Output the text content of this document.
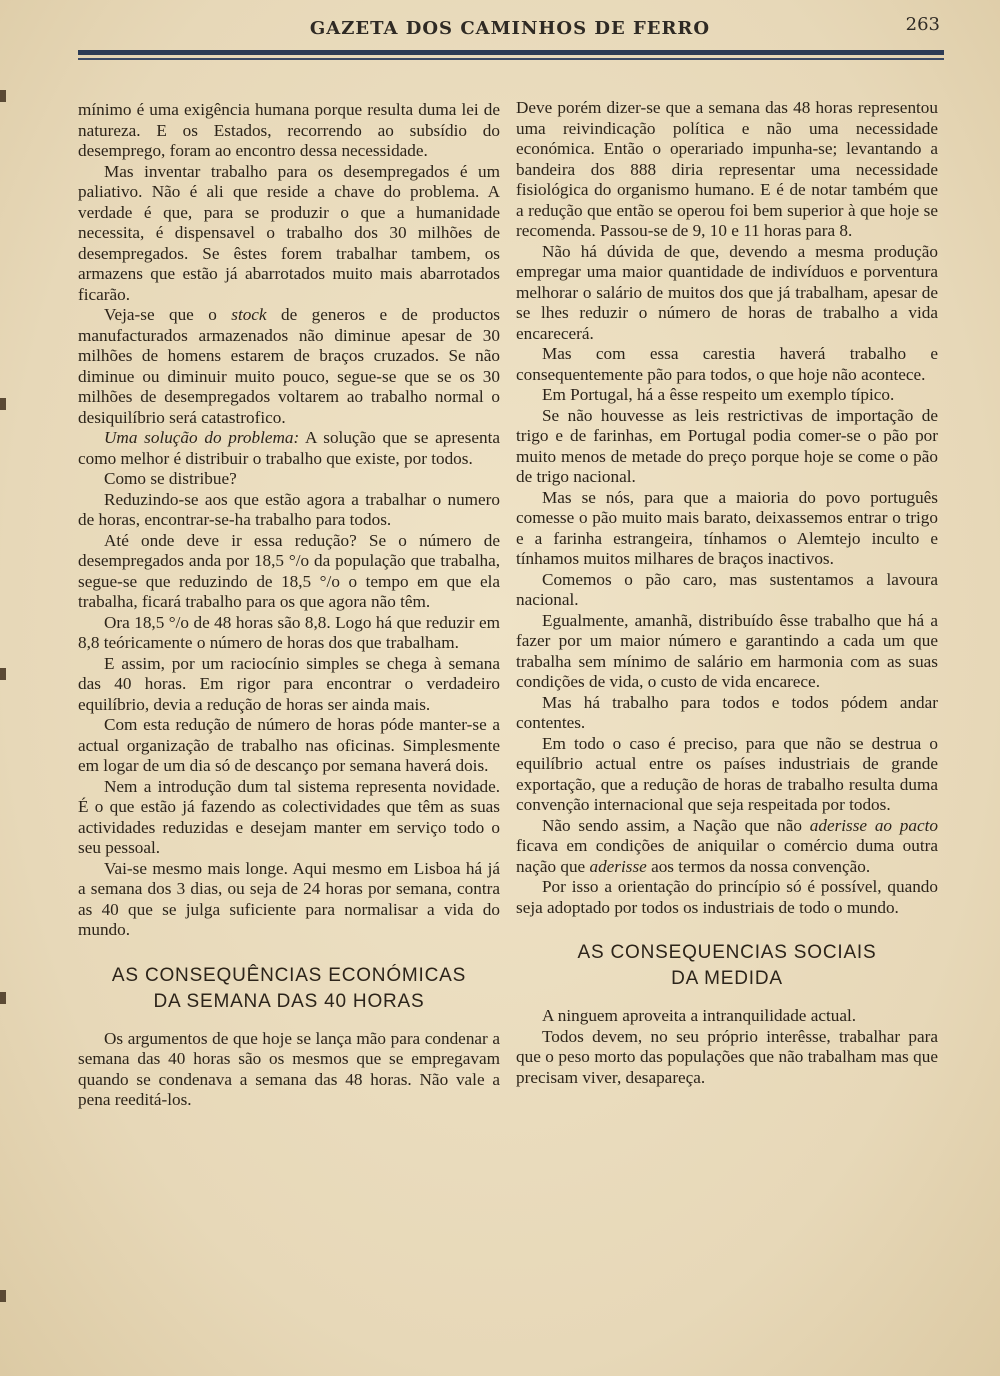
GAZETA DOS CAMINHOS DE FERRO	263

mínimo é uma exigência humana porque resulta duma lei de natureza. E os Estados, recorrendo ao subsídio do desemprego, foram ao encontro dessa necessidade.

Mas inventar trabalho para os desempregados é um paliativo. Não é ali que reside a chave do problema. A verdade é que, para se produzir o que a humanidade necessita, é dispensavel o trabalho dos 30 milhões de desempregados. Se êstes forem trabalhar tambem, os armazens que estão já abarrotados muito mais abarrotados ficarão.

Veja-se que o stock de generos e de productos manufacturados armazenados não diminue apesar de 30 milhões de homens estarem de braços cruzados. Se não diminue ou diminuir muito pouco, segue-se que se os 30 milhões de desempregados voltarem ao trabalho normal o desiquilíbrio será catastrofico.

Uma solução do problema: A solução que se apresenta como melhor é distribuir o trabalho que existe, por todos.

Como se distribue?

Reduzindo-se aos que estão agora a trabalhar o numero de horas, encontrar-se-ha trabalho para todos.

Até onde deve ir essa redução? Se o número de desempregados anda por 18,5 °/o da população que trabalha, segue-se que reduzindo de 18,5 °/o o tempo em que ela trabalha, ficará trabalho para os que agora não têm.

Ora 18,5 °/o de 48 horas são 8,8. Logo há que reduzir em 8,8 teóricamente o número de horas dos que trabalham.

E assim, por um raciocínio simples se chega à semana das 40 horas. Em rigor para encontrar o verdadeiro equilíbrio, devia a redução de horas ser ainda mais.

Com esta redução de número de horas póde manter-se a actual organização de trabalho nas oficinas. Simplesmente em logar de um dia só de descanço por semana haverá dois.

Nem a introdução dum tal sistema representa novidade. É o que estão já fazendo as colectividades que têm as suas actividades reduzidas e desejam manter em serviço todo o seu pessoal.

Vai-se mesmo mais longe. Aqui mesmo em Lisboa há já a semana dos 3 dias, ou seja de 24 horas por semana, contra as 40 que se julga suficiente para normalisar a vida do mundo.

AS CONSEQUÊNCIAS ECONÓMICAS
DA SEMANA DAS 40 HORAS

Os argumentos de que hoje se lança mão para condenar a semana das 40 horas são os mesmos que se empregavam quando se condenava a semana das 48 horas. Não vale a pena reeditá-los.

Deve porém dizer-se que a semana das 48 horas representou uma reivindicação política e não uma necessidade económica. Então o operariado impunha-se; levantando a bandeira dos 888 diria representar uma necessidade fisiológica do organismo humano. E é de notar também que a redução que então se operou foi bem superior à que hoje se recomenda. Passou-se de 9, 10 e 11 horas para 8.

Não há dúvida de que, devendo a mesma produção empregar uma maior quantidade de indivíduos e porventura melhorar o salário de muitos dos que já trabalham, apesar de se lhes reduzir o número de horas de trabalho a vida encarecerá.

Mas com essa carestia haverá trabalho e consequentemente pão para todos, o que hoje não acontece.

Em Portugal, há a êsse respeito um exemplo típico.

Se não houvesse as leis restrictivas de importação de trigo e de farinhas, em Portugal podia comer-se o pão por muito menos de metade do preço porque hoje se come o pão de trigo nacional.

Mas se nós, para que a maioria do povo português comesse o pão muito mais barato, deixassemos entrar o trigo e a farinha estrangeira, tínhamos o Alemtejo inculto e tínhamos muitos milhares de braços inactivos.

Comemos o pão caro, mas sustentamos a lavoura nacional.

Egualmente, amanhã, distribuído êsse trabalho que há a fazer por um maior número e garantindo a cada um que trabalha sem mínimo de salário em harmonia com as suas condições de vida, o custo de vida encarece.

Mas há trabalho para todos e todos pódem andar contentes.

Em todo o caso é preciso, para que não se destrua o equilíbrio actual entre os países industriais de grande exportação, que a redução de horas de trabalho resulta duma convenção internacional que seja respeitada por todos.

Não sendo assim, a Nação que não aderisse ao pacto ficava em condições de aniquilar o comércio duma outra nação que aderisse aos termos da nossa convenção.

Por isso a orientação do princípio só é possível, quando seja adoptado por todos os industriais de todo o mundo.

AS CONSEQUENCIAS SOCIAIS
DA MEDIDA

A ninguem aproveita a intranquilidade actual.

Todos devem, no seu próprio interêsse, trabalhar para que o peso morto das populações que não trabalham mas que precisam viver, desapareça.
